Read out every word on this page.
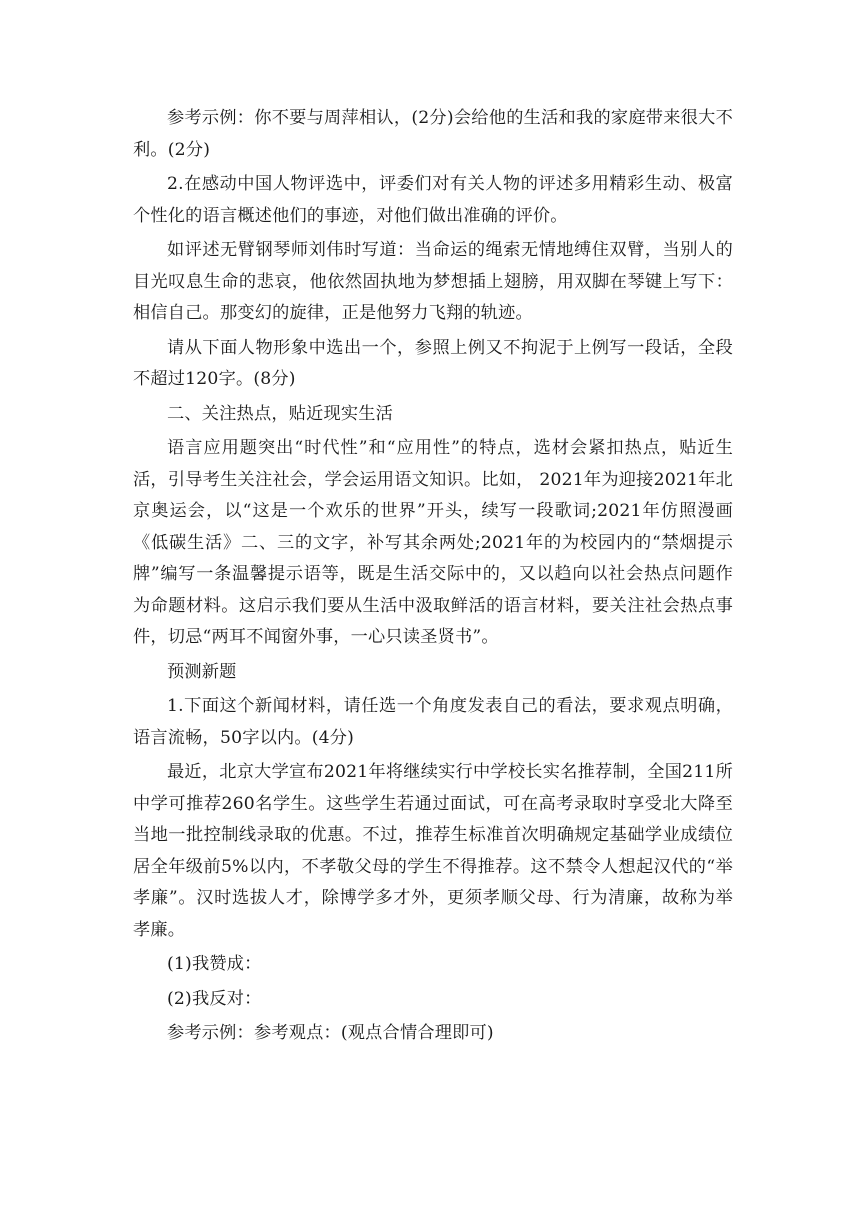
参考示例：你不要与周萍相认，(2分)会给他的生活和我的家庭带来很大不利。(2分)

2.在感动中国人物评选中，评委们对有关人物的评述多用精彩生动、极富个性化的语言概述他们的事迹，对他们做出准确的评价。

如评述无臂钢琴师刘伟时写道：当命运的绳索无情地缚住双臂，当别人的目光叹息生命的悲哀，他依然固执地为梦想插上翅膀，用双脚在琴键上写下：相信自己。那变幻的旋律，正是他努力飞翔的轨迹。

请从下面人物形象中选出一个，参照上例又不拘泥于上例写一段话，全段不超过120字。(8分)

二、关注热点，贴近现实生活

语言应用题突出“时代性”和“应用性”的特点，选材会紧扣热点，贴近生活，引导考生关注社会，学会运用语文知识。比如， 2021年为迎接2021年北京奥运会，以“这是一个欢乐的世界”开头，续写一段歌词;2021年仿照漫画《低碳生活》二、三的文字，补写其余两处;2021年的为校园内的“禁烟提示牌”编写一条温馨提示语等，既是生活交际中的，又以趋向以社会热点问题作为命题材料。这启示我们要从生活中汲取鲜活的语言材料，要关注社会热点事件，切忌“两耳不闻窗外事，一心只读圣贤书”。

预测新题

1.下面这个新闻材料，请任选一个角度发表自己的看法，要求观点明确，语言流畅，50字以内。(4分)

最近，北京大学宣布2021年将继续实行中学校长实名推荐制，全国211所中学可推荐260名学生。这些学生若通过面试，可在高考录取时享受北大降至当地一批控制线录取的优惠。不过，推荐生标准首次明确规定基础学业成绩位居全年级前5%以内，不孝敬父母的学生不得推荐。这不禁令人想起汉代的“举孝廉”。汉时选拔人才，除博学多才外，更须孝顺父母、行为清廉，故称为举孝廉。

(1)我赞成：

(2)我反对：

参考示例：参考观点：(观点合情合理即可)
